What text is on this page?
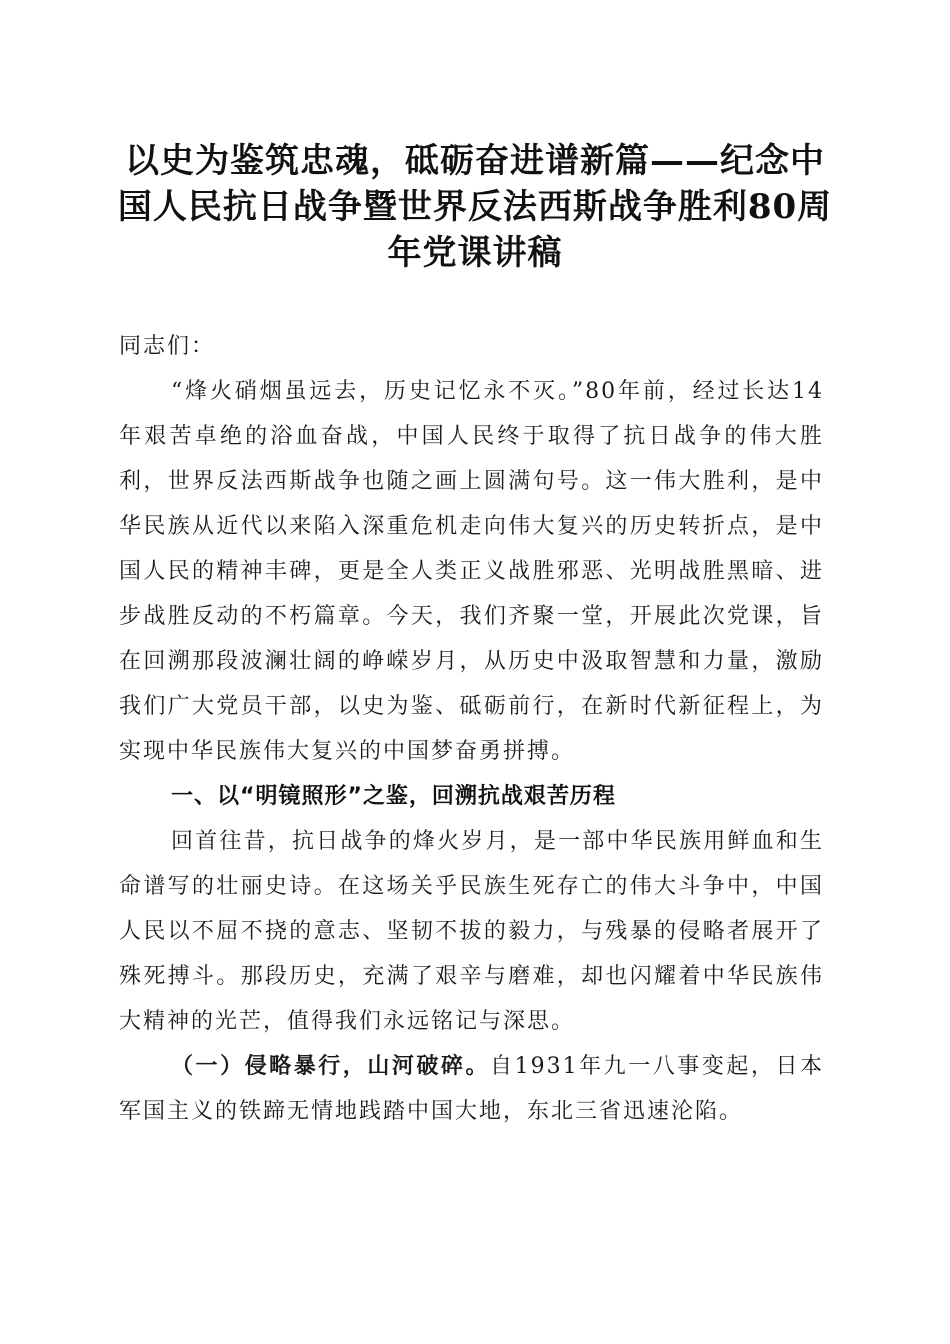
以史为鉴筑忠魂，砥砺奋进谱新篇——纪念中国人民抗日战争暨世界反法西斯战争胜利80周年党课讲稿

同志们：

“烽火硝烟虽远去，历史记忆永不灭。”80年前，经过长达14年艰苦卓绝的浴血奋战，中国人民终于取得了抗日战争的伟大胜利，世界反法西斯战争也随之画上圆满句号。这一伟大胜利，是中华民族从近代以来陷入深重危机走向伟大复兴的历史转折点，是中国人民的精神丰碑，更是全人类正义战胜邪恶、光明战胜黑暗、进步战胜反动的不朽篇章。今天，我们齐聚一堂，开展此次党课，旨在回溯那段波澜壮阔的峥嵘岁月，从历史中汲取智慧和力量，激励我们广大党员干部，以史为鉴、砥砺前行，在新时代新征程上，为实现中华民族伟大复兴的中国梦奋勇拼搏。

一、以“明镜照形”之鉴，回溯抗战艰苦历程

回首往昔，抗日战争的烽火岁月，是一部中华民族用鲜血和生命谱写的壮丽史诗。在这场关乎民族生死存亡的伟大斗争中，中国人民以不屈不挠的意志、坚韧不拔的毅力，与残暴的侵略者展开了殊死搏斗。那段历史，充满了艰辛与磨难，却也闪耀着中华民族伟大精神的光芒，值得我们永远铭记与深思。

（一）侵略暴行，山河破碎。自1931年九一八事变起，日本军国主义的铁蹄无情地践踏中国大地，东北三省迅速沦陷。
